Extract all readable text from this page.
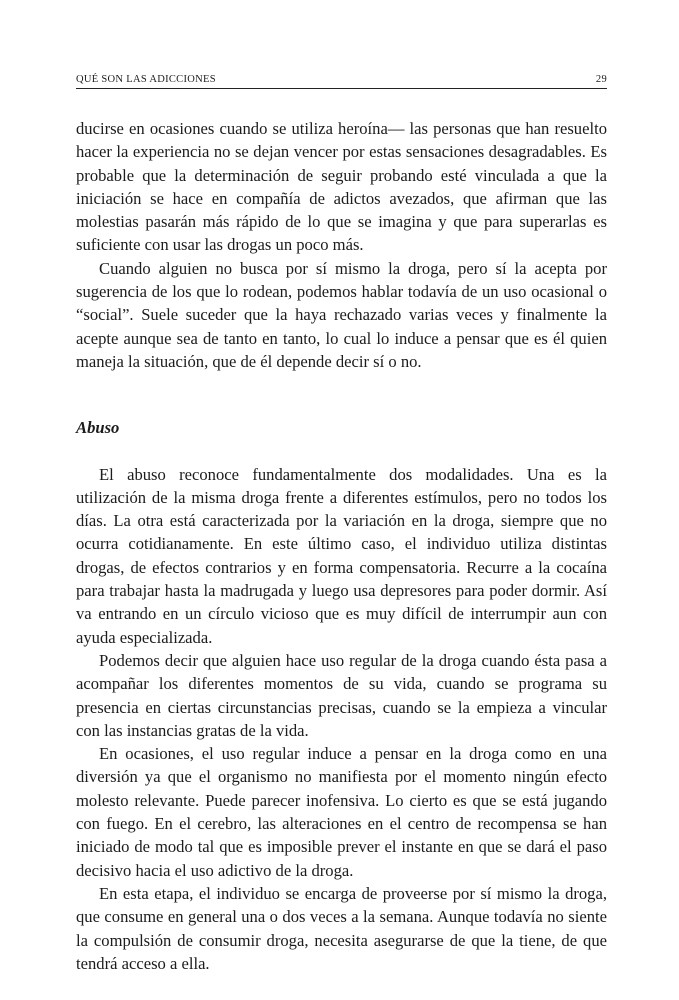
QUÉ SON LAS ADICCIONES	29

ducirse en ocasiones cuando se utiliza heroína— las personas que han resuelto hacer la experiencia no se dejan vencer por estas sensaciones desagradables. Es probable que la determinación de seguir probando esté vinculada a que la iniciación se hace en compañía de adictos avezados, que afirman que las molestias pasarán más rápido de lo que se imagina y que para superarlas es suficiente con usar las drogas un poco más.

Cuando alguien no busca por sí mismo la droga, pero sí la acepta por sugerencia de los que lo rodean, podemos hablar todavía de un uso ocasional o “social”. Suele suceder que la haya rechazado varias veces y finalmente la acepte aunque sea de tanto en tanto, lo cual lo induce a pensar que es él quien maneja la situación, que de él depende decir sí o no.

Abuso

El abuso reconoce fundamentalmente dos modalidades. Una es la utilización de la misma droga frente a diferentes estímulos, pero no todos los días. La otra está caracterizada por la variación en la droga, siempre que no ocurra cotidianamente. En este último caso, el individuo utiliza distintas drogas, de efectos contrarios y en forma compensatoria. Recurre a la cocaína para trabajar hasta la madrugada y luego usa depresores para poder dormir. Así va entrando en un círculo vicioso que es muy difícil de interrumpir aun con ayuda especializada.

Podemos decir que alguien hace uso regular de la droga cuando ésta pasa a acompañar los diferentes momentos de su vida, cuando se programa su presencia en ciertas circunstancias precisas, cuando se la empieza a vincular con las instancias gratas de la vida.

En ocasiones, el uso regular induce a pensar en la droga como en una diversión ya que el organismo no manifiesta por el momento ningún efecto molesto relevante. Puede parecer inofensiva. Lo cierto es que se está jugando con fuego. En el cerebro, las alteraciones en el centro de recompensa se han iniciado de modo tal que es imposible prever el instante en que se dará el paso decisivo hacia el uso adictivo de la droga.

En esta etapa, el individuo se encarga de proveerse por sí mismo la droga, que consume en general una o dos veces a la semana. Aunque todavía no siente la compulsión de consumir droga, necesita asegurarse de que la tiene, de que tendrá acceso a ella.
